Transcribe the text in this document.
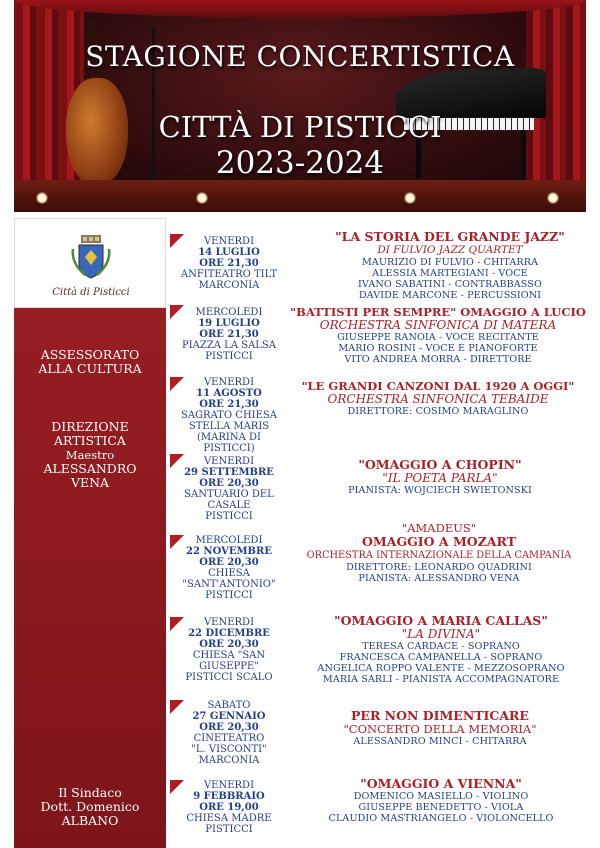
STAGIONE CONCERTISTICA
CITTÀ DI PISTICCI
2023-2024
Città di Pisticci
ASSESSORATO
ALLA CULTURA
DIREZIONE
ARTISTICA
Maestro
ALESSANDRO
VENA
Il Sindaco
Dott. Domenico
ALBANO
VENERDI
14 LUGLIO
ORE 21,30
ANFITEATRO TILT
MARCONIA
"LA STORIA DEL GRANDE JAZZ"
DI FULVIO JAZZ QUARTET
MAURIZIO DI FULVIO - CHITARRA
ALESSIA MARTEGIANI - VOCE
IVANO SABATINI - CONTRABBASSO
DAVIDE MARCONE - PERCUSSIONI
MERCOLEDI
19 LUGLIO
ORE 21,30
PIAZZA LA SALSA
PISTICCI
"BATTISTI PER SEMPRE" OMAGGIO A LUCIO
ORCHESTRA SINFONICA DI MATERA
GIUSEPPE RANOIA - VOCE RECITANTE
MARIO ROSINI - VOCE E PIANOFORTE
VITO ANDREA MORRA - DIRETTORE
VENERDI
11 AGOSTO
ORE 21,30
SAGRATO CHIESA
STELLA MARIS
(MARINA DI PISTICCI)
"LE GRANDI CANZONI DAL 1920 A OGGI"
ORCHESTRA SINFONICA TEBAIDE
DIRETTORE: COSIMO MARAGLINO
VENERDI
29 SETTEMBRE
ORE 20,30
SANTUARIO DEL CASALE
PISTICCI
"OMAGGIO A CHOPIN"
"IL POETA PARLA"
PIANISTA: WOJCIECH SWIETONSKI
MERCOLEDI
22 NOVEMBRE
ORE 20,30
CHIESA "SANT'ANTONIO"
PISTICCI
"AMADEUS"
OMAGGIO A MOZART
ORCHESTRA INTERNAZIONALE DELLA CAMPANIA
DIRETTORE: LEONARDO QUADRINI
PIANISTA: ALESSANDRO VENA
VENERDI
22 DICEMBRE
ORE 20,30
CHIESA "SAN GIUSEPPE"
PISTICCI SCALO
"OMAGGIO A MARIA CALLAS"
"LA DIVINA"
TERESA CARDACE - SOPRANO
FRANCESCA CAMPANELLA - SOPRANO
ANGELICA ROPPO VALENTE - MEZZOSOPRANO
MARIA SARLI - PIANISTA ACCOMPAGNATORE
SABATO
27 GENNAIO
ORE 20,30
CINETEATRO
"L. VISCONTI"
MARCONIA
PER NON DIMENTICARE
"CONCERTO DELLA MEMORIA"
ALESSANDRO MINCI - CHITARRA
VENERDI
9 FEBBRAIO
ORE 19,00
CHIESA MADRE
PISTICCI
"OMAGGIO A VIENNA"
DOMENICO MASIELLO - VIOLINO
GIUSEPPE BENEDETTO - VIOLA
CLAUDIO MASTRIANGELO - VIOLONCELLO
